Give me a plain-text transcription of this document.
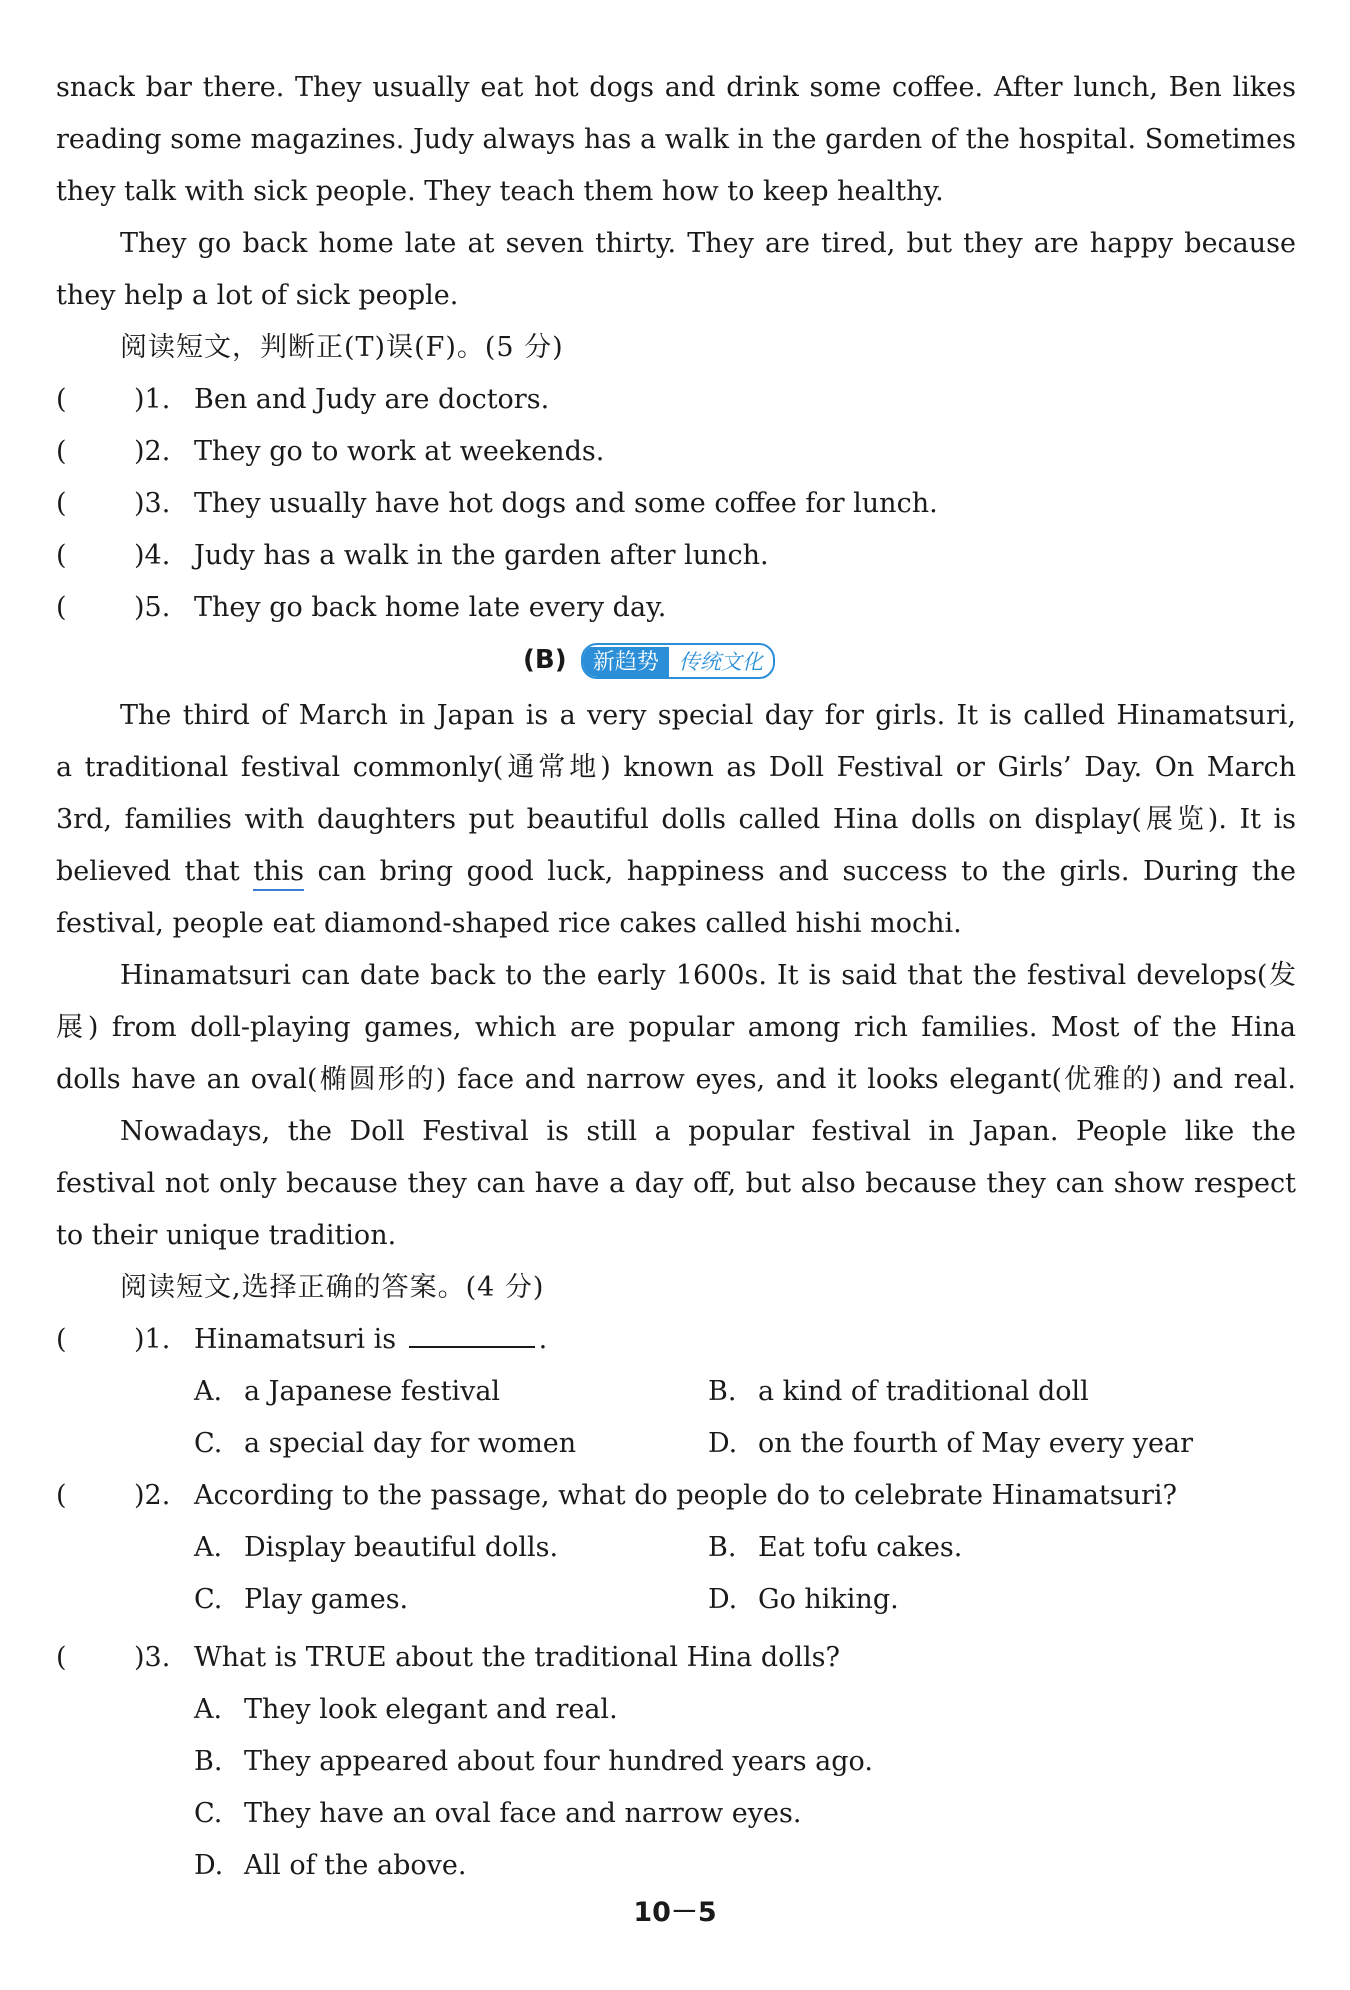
snack bar there. They usually eat hot dogs and drink some coffee. After lunch, Ben likes
reading some magazines. Judy always has a walk in the garden of the hospital. Sometimes
they talk with sick people. They teach them how to keep healthy.
They go back home late at seven thirty. They are tired, but they are happy because
they help a lot of sick people.
阅读短文，判断正(T)误(F)。(5 分)
( )1. Ben and Judy are doctors.
( )2. They go to work at weekends.
( )3. They usually have hot dogs and some coffee for lunch.
( )4. Judy has a walk in the garden after lunch.
( )5. They go back home late every day.
(B) 新趋势 传统文化
The third of March in Japan is a very special day for girls. It is called Hinamatsuri,
a traditional festival commonly(通常地) known as Doll Festival or Girls’ Day. On March
3rd, families with daughters put beautiful dolls called Hina dolls on display(展览). It is
believed that this can bring good luck, happiness and success to the girls. During the
festival, people eat diamond-shaped rice cakes called hishi mochi.
Hinamatsuri can date back to the early 1600s. It is said that the festival develops(发
展) from doll-playing games, which are popular among rich families. Most of the Hina
dolls have an oval(椭圆形的) face and narrow eyes, and it looks elegant(优雅的) and real.
Nowadays, the Doll Festival is still a popular festival in Japan. People like the
festival not only because they can have a day off, but also because they can show respect
to their unique tradition.
阅读短文,选择正确的答案。(4 分)
( )1. Hinamatsuri is	.
A. a Japanese festival	B. a kind of traditional doll
C. a special day for women	D. on the fourth of May every year
( )2. According to the passage, what do people do to celebrate Hinamatsuri?
A. Display beautiful dolls.	B. Eat tofu cakes.
C. Play games.	D. Go hiking.
( )3. What is TRUE about the traditional Hina dolls?
A. They look elegant and real.
B. They appeared about four hundred years ago.
C. They have an oval face and narrow eyes.
D. All of the above.
10－5
